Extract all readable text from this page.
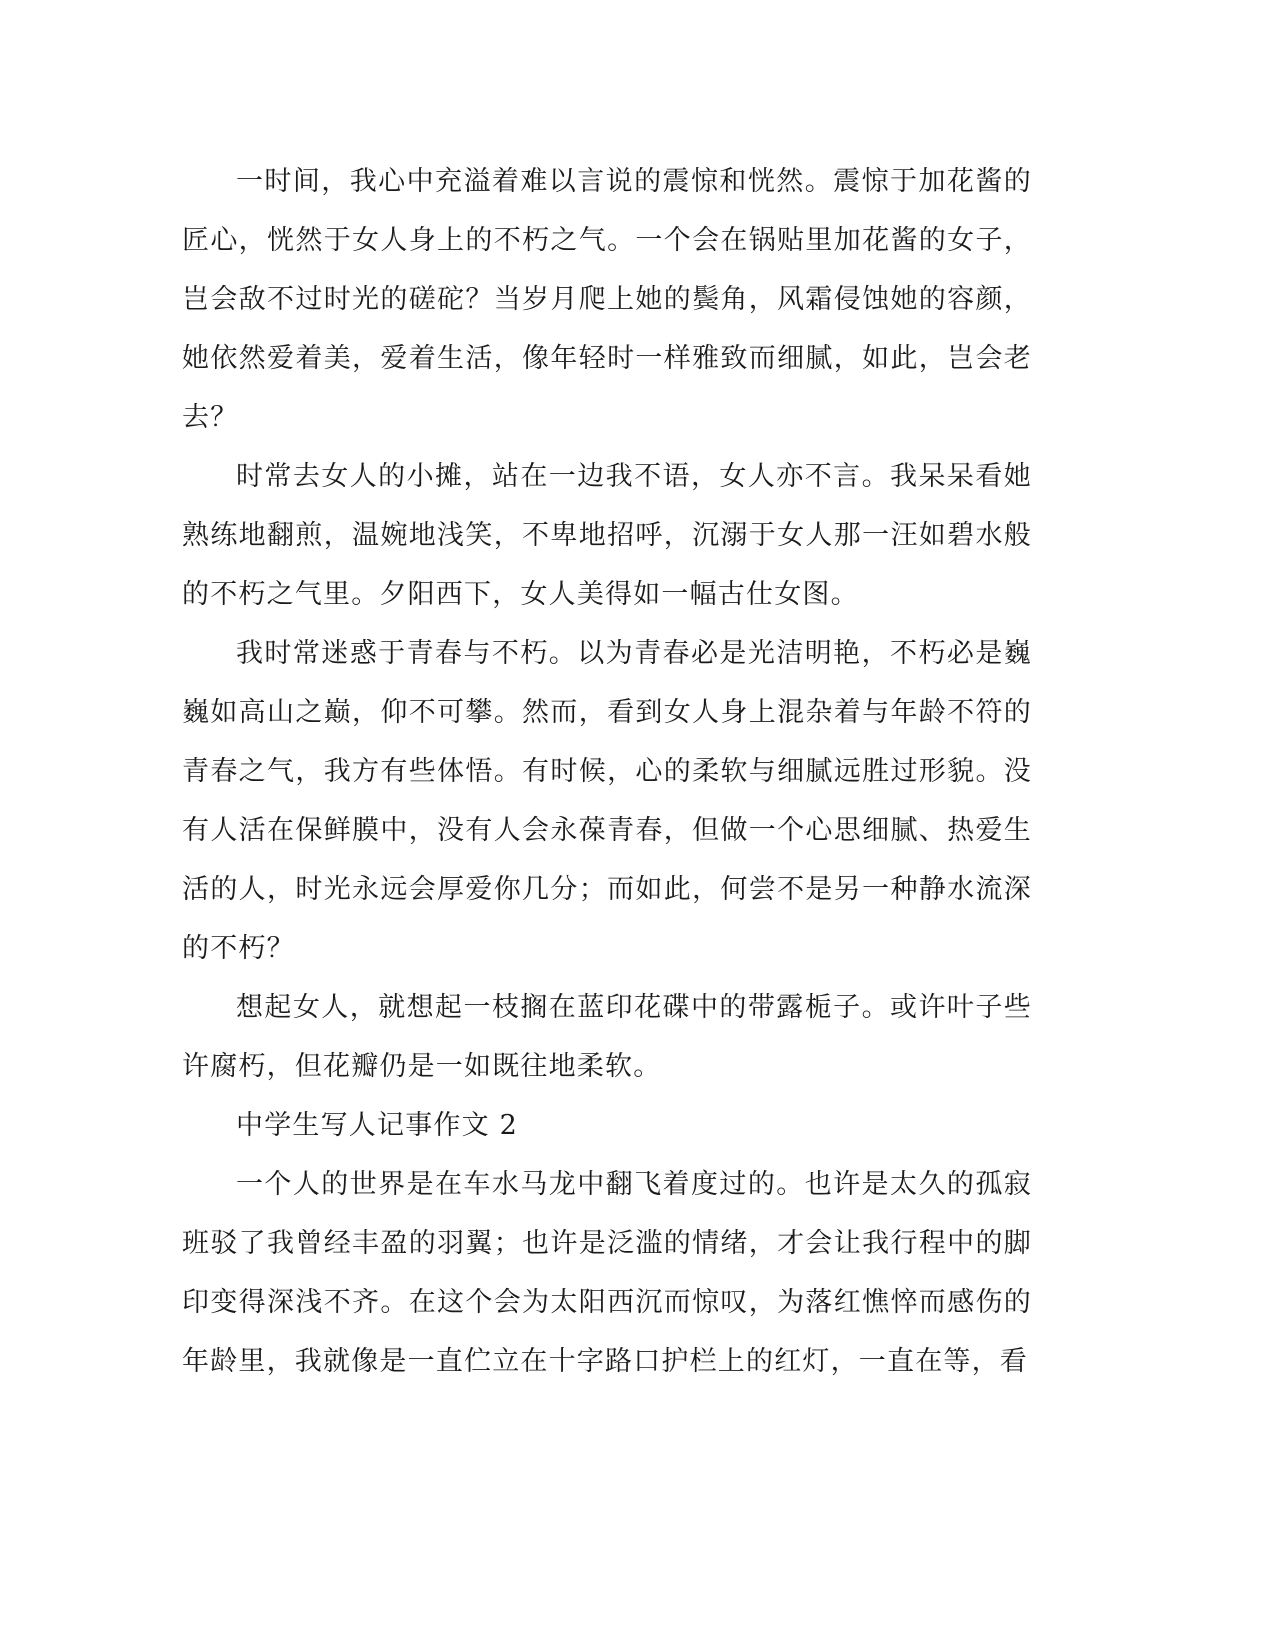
一时间，我心中充溢着难以言说的震惊和恍然。震惊于加花酱的匠心，恍然于女人身上的不朽之气。一个会在锅贴里加花酱的女子，岂会敌不过时光的磋砣？当岁月爬上她的鬓角，风霜侵蚀她的容颜，她依然爱着美，爱着生活，像年轻时一样雅致而细腻，如此，岂会老去？

时常去女人的小摊，站在一边我不语，女人亦不言。我呆呆看她熟练地翻煎，温婉地浅笑，不卑地招呼，沉溺于女人那一汪如碧水般的不朽之气里。夕阳西下，女人美得如一幅古仕女图。

我时常迷惑于青春与不朽。以为青春必是光洁明艳，不朽必是巍巍如高山之巅，仰不可攀。然而，看到女人身上混杂着与年龄不符的青春之气，我方有些体悟。有时候，心的柔软与细腻远胜过形貌。没有人活在保鲜膜中，没有人会永葆青春，但做一个心思细腻、热爱生活的人，时光永远会厚爱你几分；而如此，何尝不是另一种静水流深的不朽？

想起女人，就想起一枝搁在蓝印花碟中的带露栀子。或许叶子些许腐朽，但花瓣仍是一如既往地柔软。

中学生写人记事作文 2

一个人的世界是在车水马龙中翻飞着度过的。也许是太久的孤寂班驳了我曾经丰盈的羽翼；也许是泛滥的情绪，才会让我行程中的脚印变得深浅不齐。在这个会为太阳西沉而惊叹，为落红憔悴而感伤的年龄里，我就像是一直伫立在十字路口护栏上的红灯，一直在等，看
